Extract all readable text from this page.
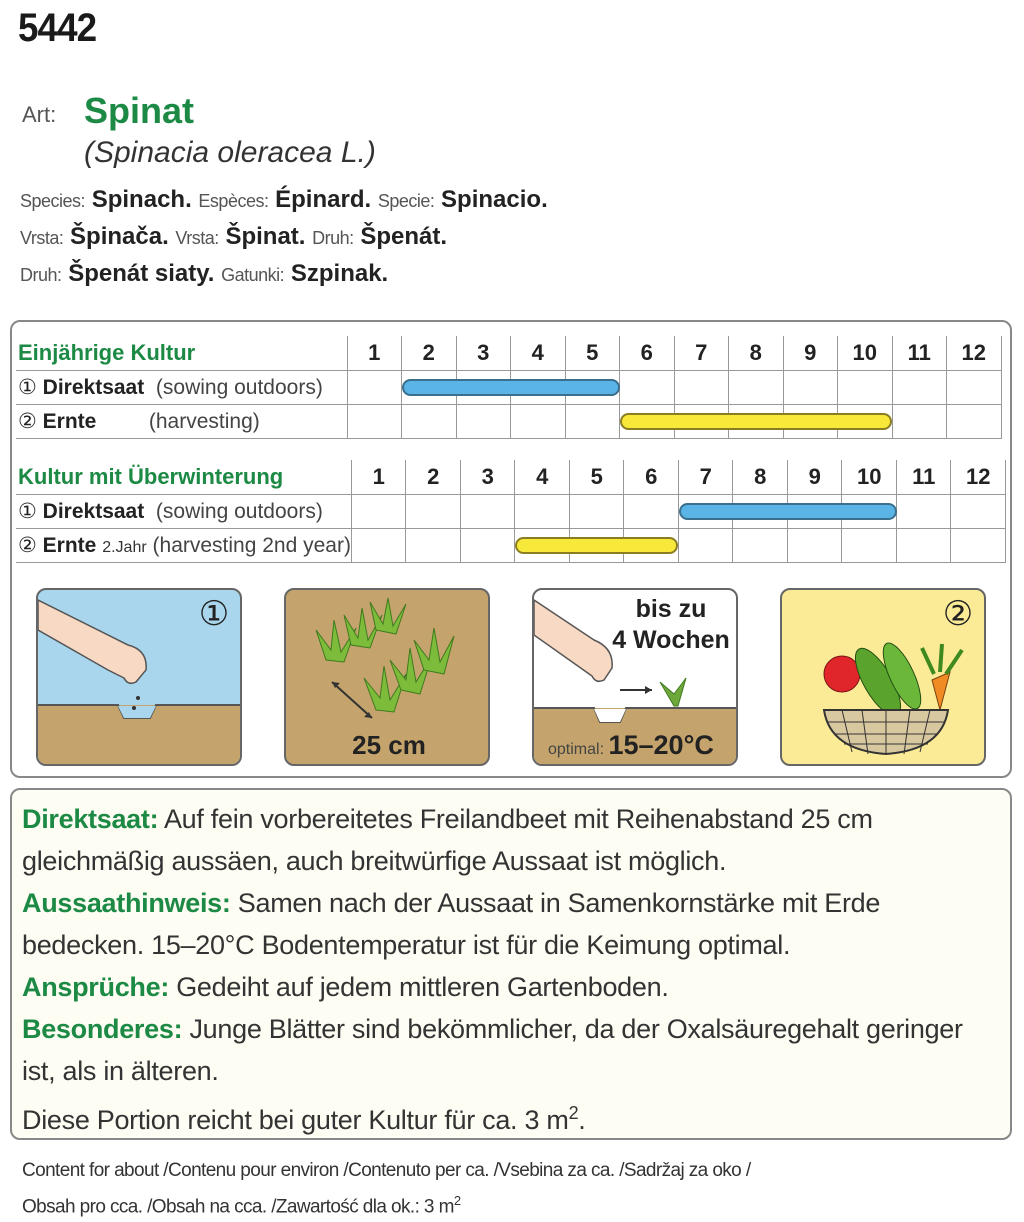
5442
Art: Spinat
(Spinacia oleracea L.)
Species: Spinach. Espèces: Épinard. Specie: Spinacio.
Vrsta: Špinača. Vrsta: Špinat. Druh: Špenát.
Druh: Špenát siaty. Gatunki: Szpinak.
Einjährige Kultur	1	2	3	4	5	6	7	8	9	10	11	12
① Direktsaat (sowing outdoors)		

② Ernte (harvesting)						

Kultur mit Überwinterung	1	2	3	4	5	6	7	8	9	10	11	12
① Direktsaat (sowing outdoors)							

② Ernte 2.Jahr (harvesting 2nd year)				

①
25 cm
bis zu
4 Wochen
optimal: 15–20°C
②
Direktsaat: Auf fein vorbereitetes Freilandbeet mit Reihenabstand 25 cm gleichmäßig aussäen, auch breitwürfige Aussaat ist möglich.
Aussaathinweis: Samen nach der Aussaat in Samenkornstärke mit Erde bedecken. 15–20°C Bodentemperatur ist für die Keimung optimal.
Ansprüche: Gedeiht auf jedem mittleren Gartenboden.
Besonderes: Junge Blätter sind bekömmlicher, da der Oxalsäuregehalt geringer ist, als in älteren.
Diese Portion reicht bei guter Kultur für ca. 3 $m^2$.
Content for about /Contenu pour environ /Contenuto per ca. /Vsebina za ca. /Sadržaj za oko /
Obsah pro cca. /Obsah na cca. /Zawartość dla ok.: 3 $m^2$
